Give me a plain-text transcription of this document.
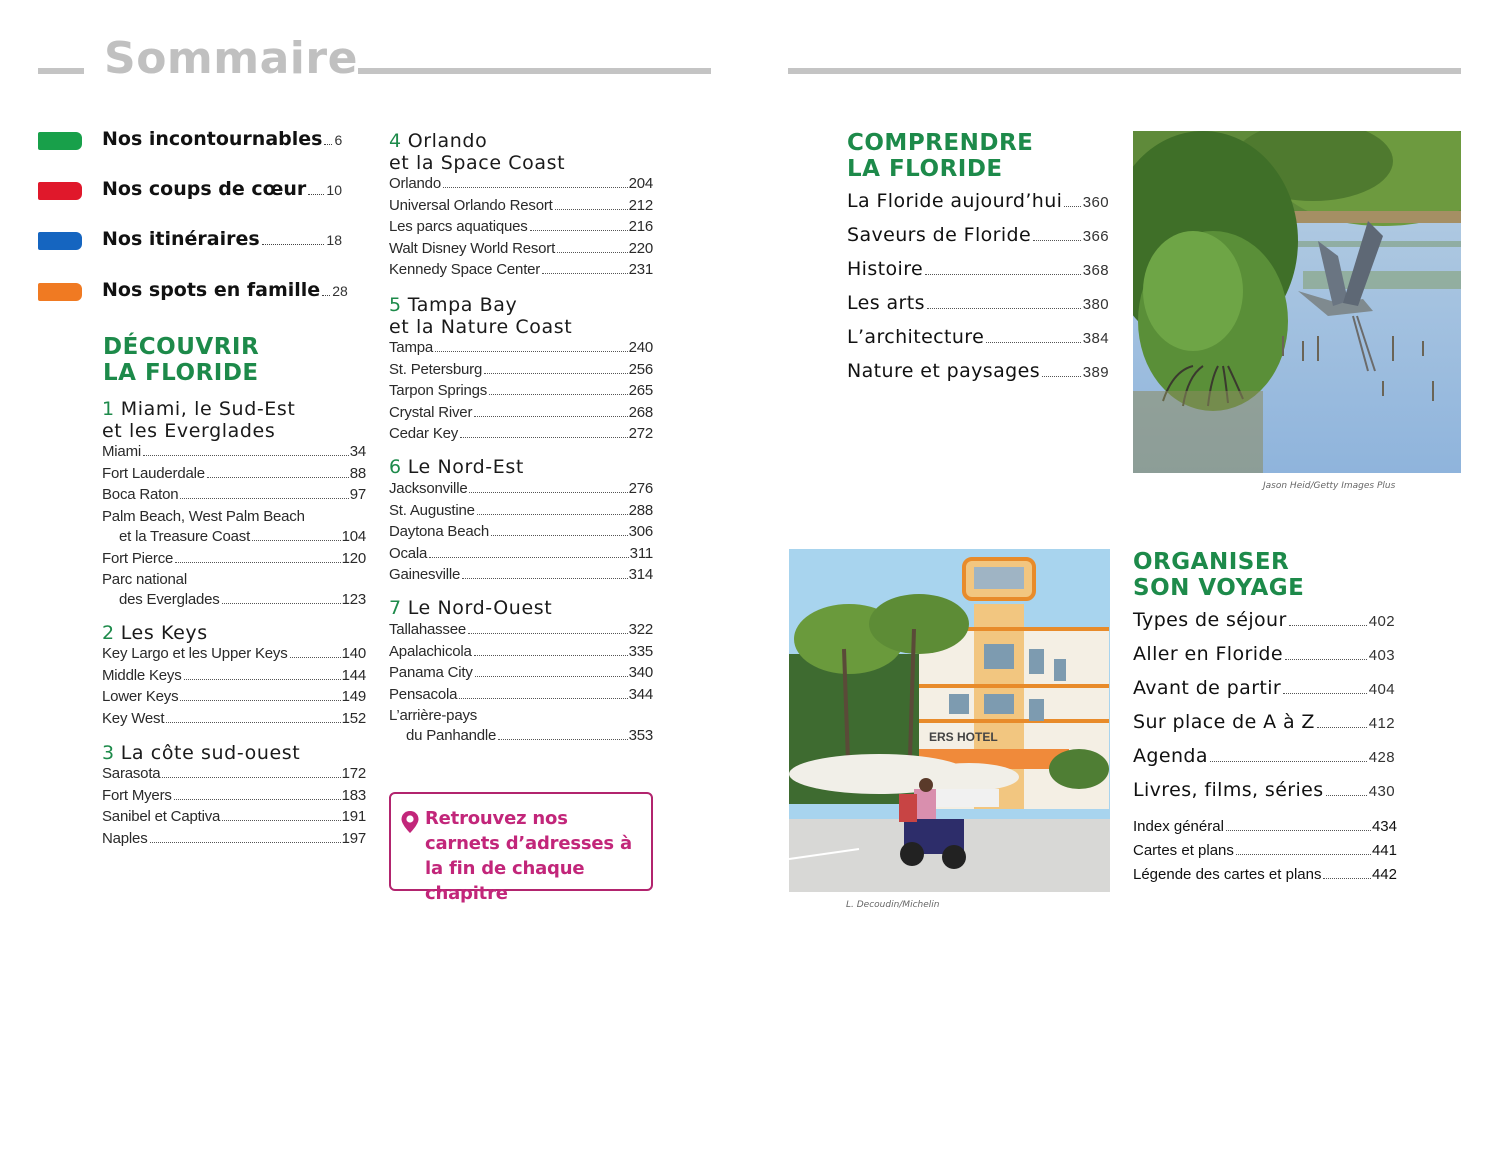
Sommaire
Nos incontournables 6
Nos coups de cœur 10
Nos itinéraires	18
Nos spots en famille 28
DÉCOUVRIR
LA FLORIDE
1 Miami, le Sud-Est
et les Everglades
Miami	34
Fort Lauderdale	88
Boca Raton	97
Palm Beach, West Palm Beach
et la Treasure Coast	104
Fort Pierce	120
Parc national
des Everglades	123
2 Les Keys
Key Largo et les Upper Keys	140
Middle Keys	144
Lower Keys	149
Key West	152
3 La côte sud-ouest
Sarasota	172
Fort Myers	183
Sanibel et Captiva	191
Naples	197
4 Orlando
et la Space Coast
Orlando	204
Universal Orlando Resort	212
Les parcs aquatiques	216
Walt Disney World Resort	220
Kennedy Space Center	231
5 Tampa Bay
et la Nature Coast
Tampa	240
St. Petersburg	256
Tarpon Springs	265
Crystal River	268
Cedar Key	272
6 Le Nord-Est
Jacksonville	276
St. Augustine	288
Daytona Beach	306
Ocala	311
Gainesville	314
7 Le Nord-Ouest
Tallahassee	322
Apalachicola	335
Panama City	340
Pensacola	344
L’arrière-pays
du Panhandle	353
Retrouvez nos carnets d’adresses à la fin de chaque chapitre
COMPRENDRE
LA FLORIDE
La Floride aujourd’hui 360
Saveurs de Floride	366
Histoire	368
Les arts	380
L’architecture	384
Nature et paysages	389
Jason Heid/Getty Images Plus
ERS HOTEL
L. Decoudin/Michelin
ORGANISER
SON VOYAGE
Types de séjour	402
Aller en Floride	403
Avant de partir	404
Sur place de A à Z	412
Agenda	428
Livres, films, séries	430
Index général	434
Cartes et plans	441
Légende des cartes et plans	442
